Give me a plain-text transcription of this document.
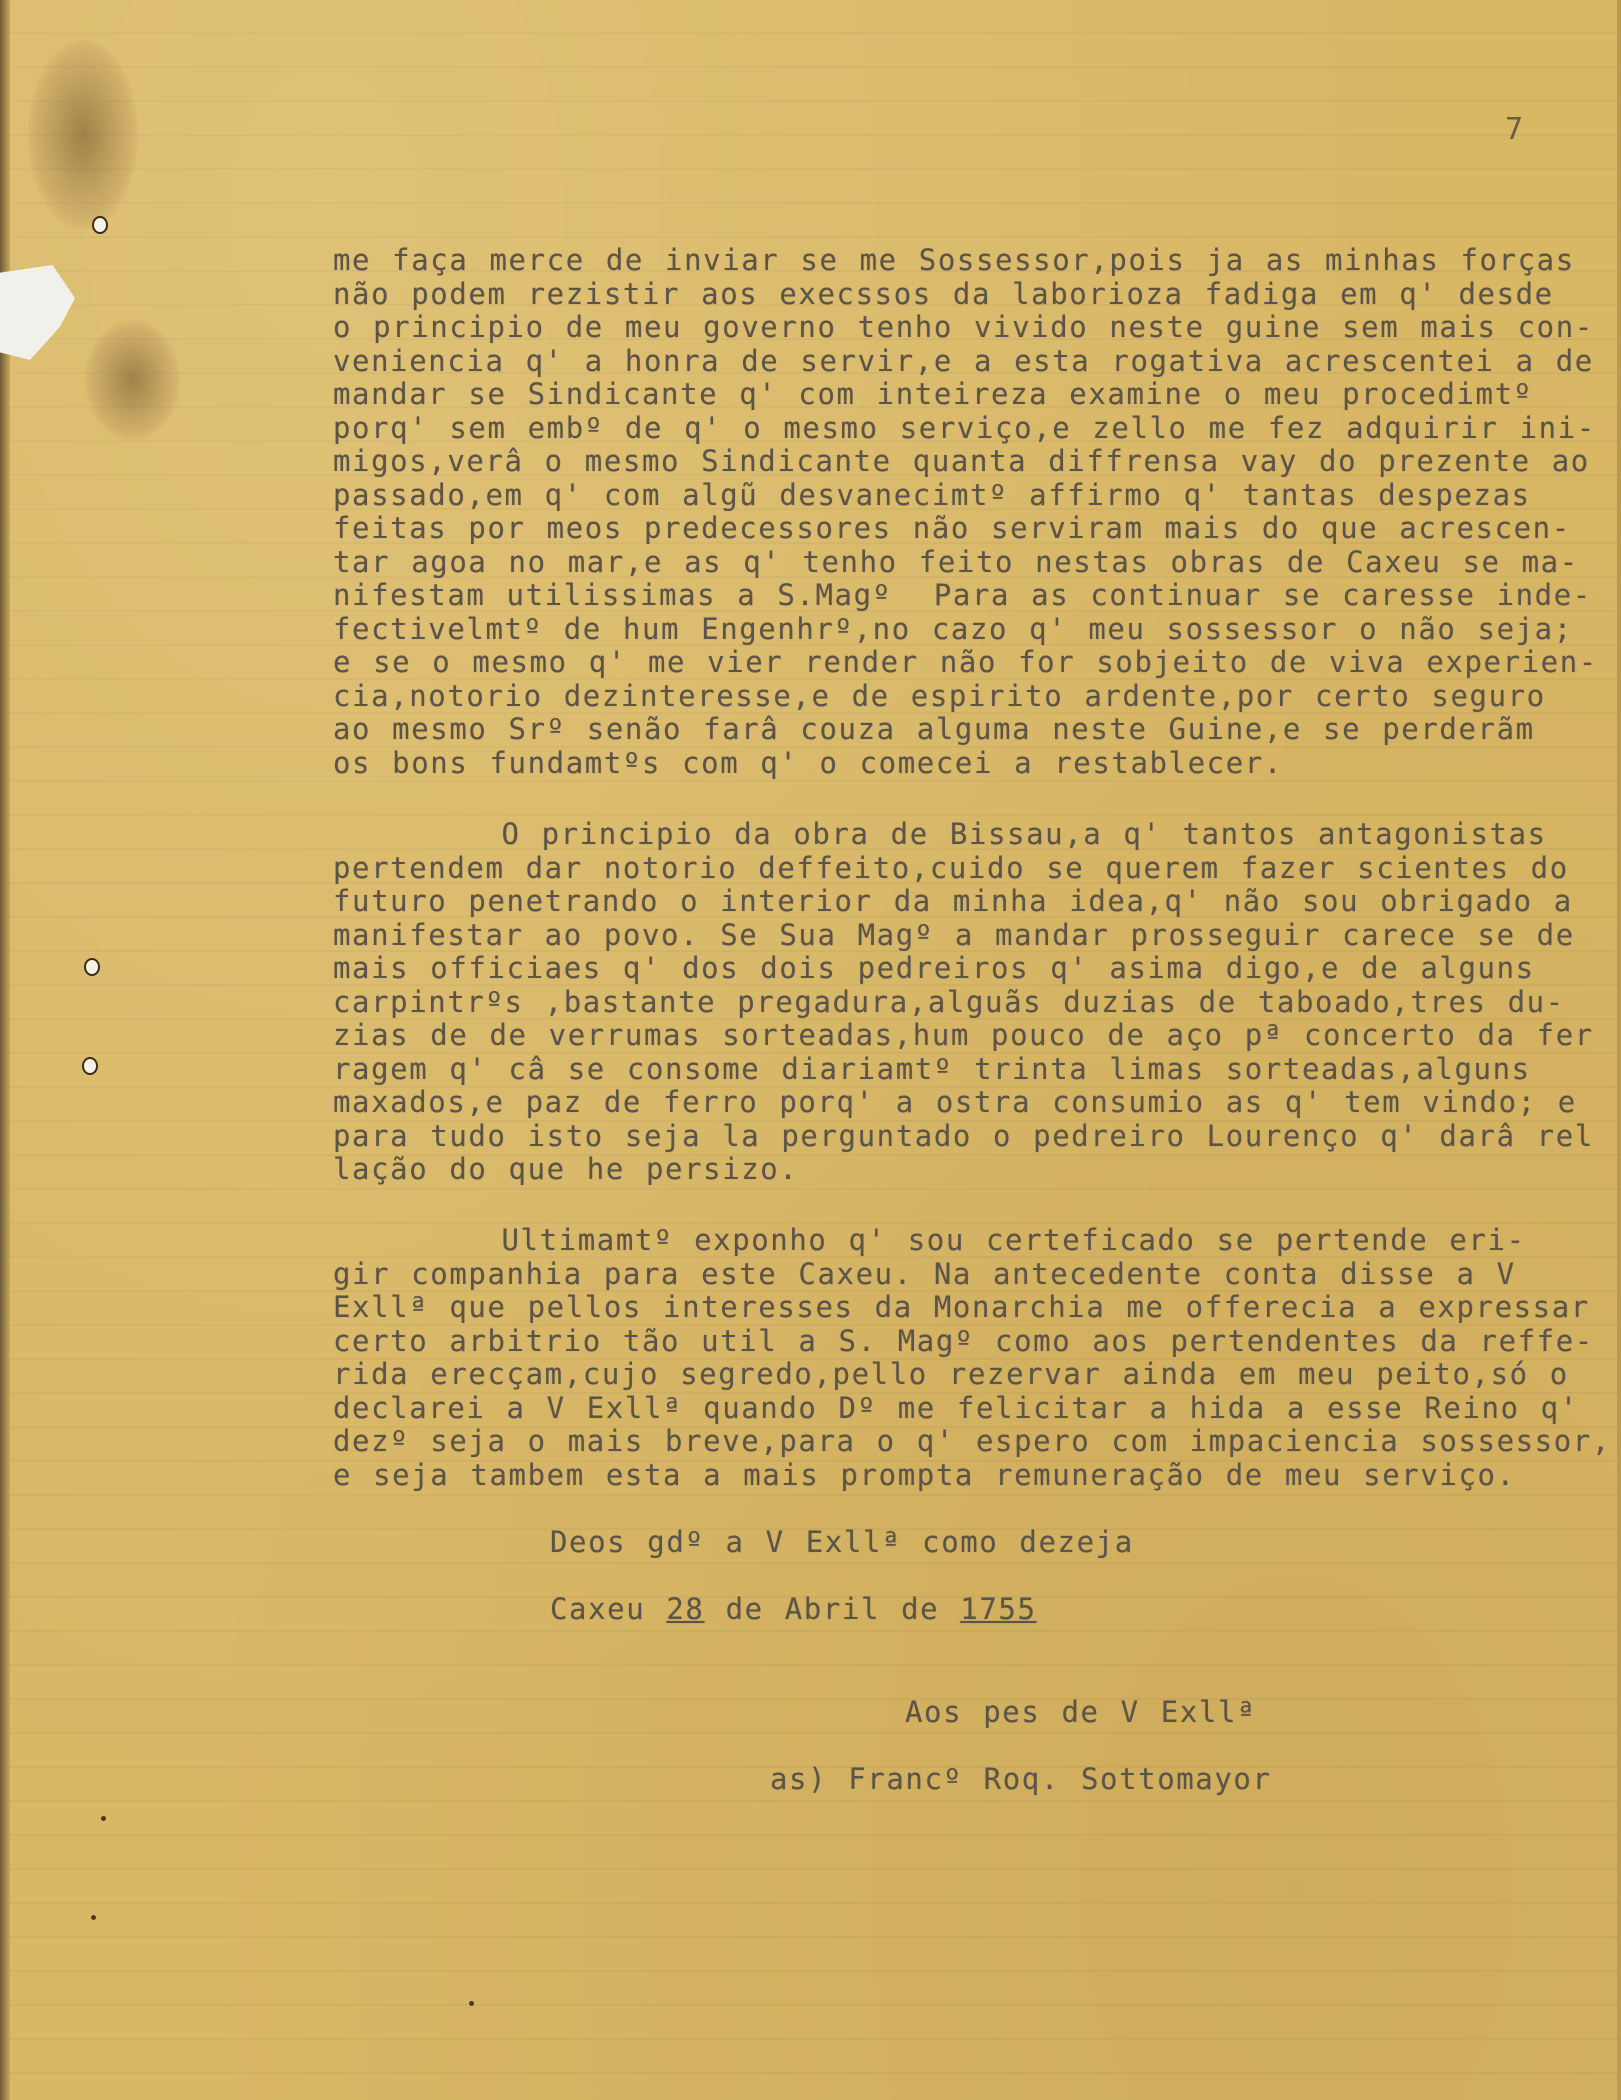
7

me faça merce de inviar se me Sossessor,pois ja as minhas forças

não podem rezistir aos execssos da laborioza fadiga em q' desde

o principio de meu governo tenho vivido neste guine sem mais con-

veniencia q' a honra de servir,e a esta rogativa acrescentei a de

mandar se Sindicante q' com inteireza examine o meu procedimtº

porq' sem embº de q' o mesmo serviço,e zello me fez adquirir ini-

migos,verâ o mesmo Sindicante quanta diffrensa vay do prezente ao

passado,em q' com algũ desvanecimtº affirmo q' tantas despezas

feitas por meos predecessores não serviram mais do que acrescen-

tar agoa no mar,e as q' tenho feito nestas obras de Caxeu se ma-

nifestam utilissimas a S.Magº  Para as continuar se caresse inde-

fectivelmtº de hum Engenhrº,no cazo q' meu sossessor o não seja;

e se o mesmo q' me vier render não for sobjeito de viva experien-

cia,notorio dezinteresse,e de espirito ardente,por certo seguro

ao mesmo Srº senão farâ couza alguma neste Guine,e se perderãm

os bons fundamtºs com q' o comecei a restablecer.

O principio da obra de Bissau,a q' tantos antagonistas

pertendem dar notorio deffeito,cuido se querem fazer scientes do

futuro penetrando o interior da minha idea,q' não sou obrigado a

manifestar ao povo. Se Sua Magº a mandar prosseguir carece se de

mais officiaes q' dos dois pedreiros q' asima digo,e de alguns

carpintrºs ,bastante pregadura,alguãs duzias de taboado,tres du-

zias de de verrumas sorteadas,hum pouco de aço pª concerto da fer

ragem q' câ se consome diariamtº trinta limas sorteadas,alguns

maxados,e paz de ferro porq' a ostra consumio as q' tem vindo; e

para tudo isto seja la perguntado o pedreiro Lourenço q' darâ rel

lação do que he persizo.

Ultimamtº exponho q' sou certeficado se pertende eri-

gir companhia para este Caxeu. Na antecedente conta disse a V

Exllª que pellos interesses da Monarchia me offerecia a expressar

certo arbitrio tão util a S. Magº como aos pertendentes da reffe-

rida erecçam,cujo segredo,pello rezervar ainda em meu peito,só o

declarei a V Exllª quando Dº me felicitar a hida a esse Reino q'

dezº seja o mais breve,para o q' espero com impaciencia sossessor,

e seja tambem esta a mais prompta remuneração de meu serviço.

Deos gdº a V Exllª como dezeja

Caxeu 28 de Abril de 1755

Aos pes de V Exllª

as) Francº Roq. Sottomayor
